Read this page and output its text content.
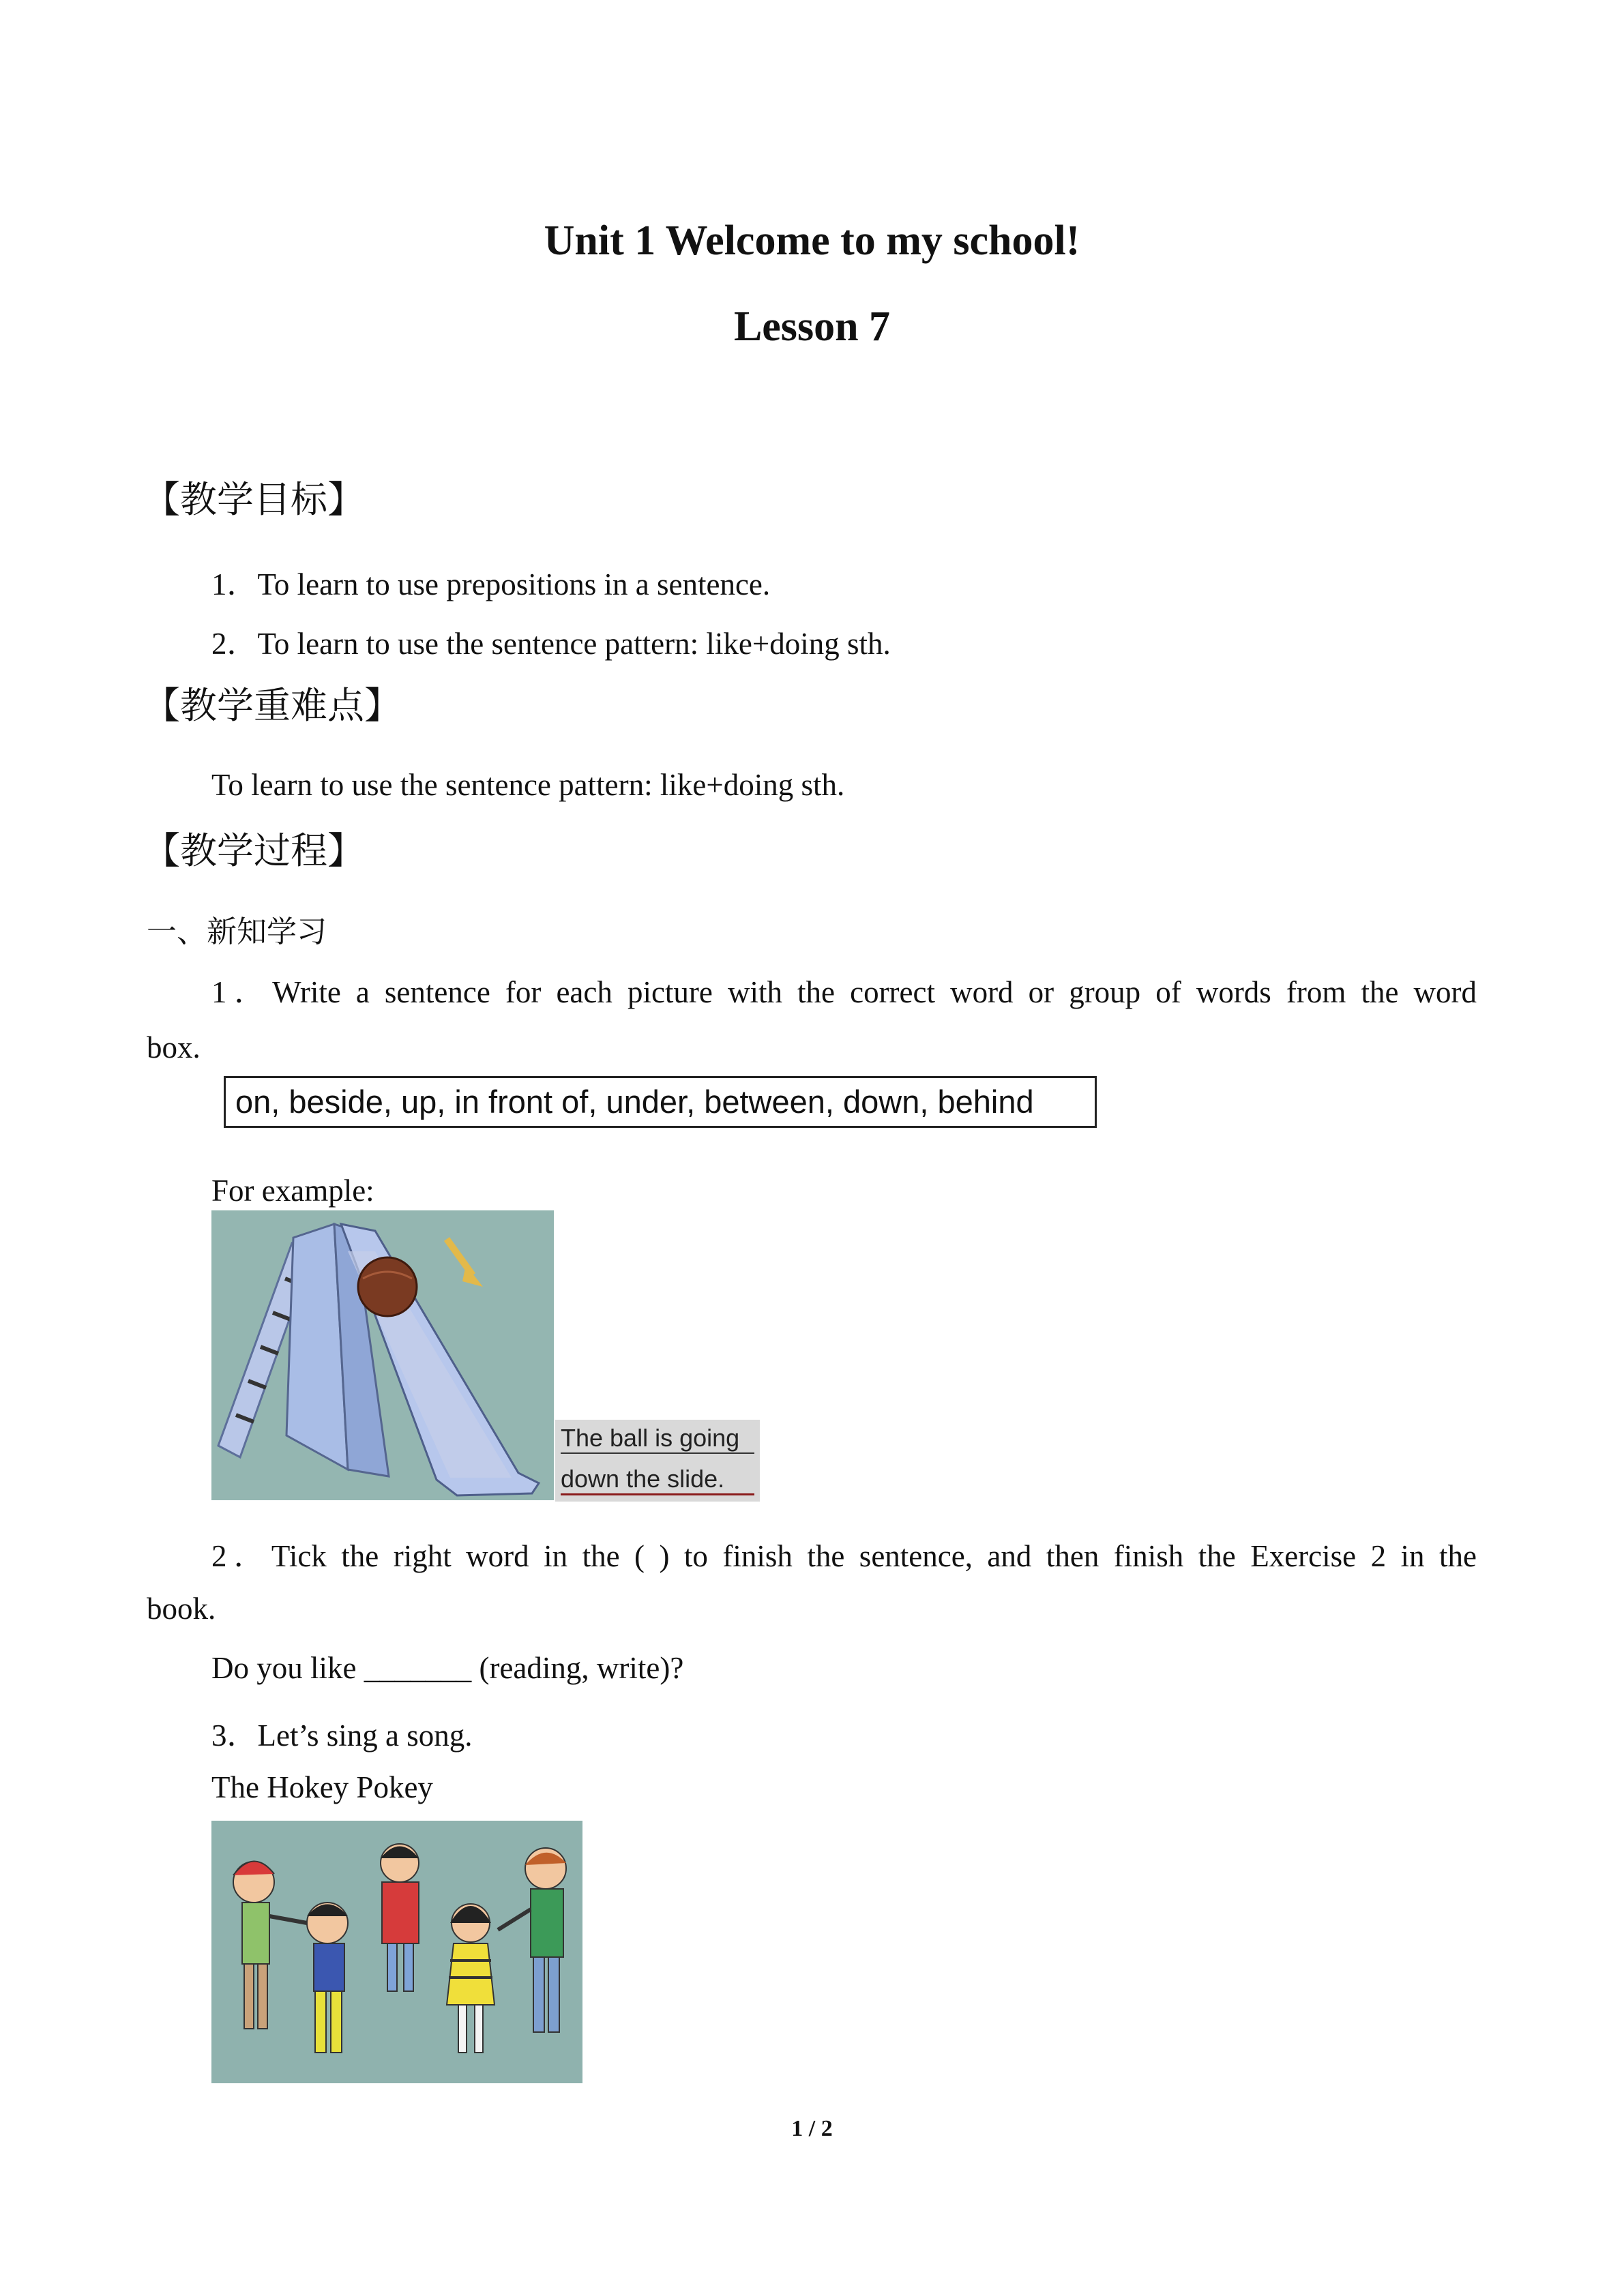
Unit 1 Welcome to my school!
Lesson 7
【教学目标】
1．To learn to use prepositions in a sentence.
2．To learn to use the sentence pattern: like+doing sth.
【教学重难点】
To learn to use the sentence pattern: like+doing sth.
【教学过程】
一、新知学习
1．Write a sentence for each picture with the correct word or group of words from the word
box.
on, beside, up, in front of, under, between, down, behind
For example:
The ball is going
down the slide.
2．Tick the right word in the ( ) to finish the sentence, and then finish the Exercise 2 in the
book.
Do you like _______ (reading, write)?
3．Let’s sing a song.
The Hokey Pokey
1 / 2
